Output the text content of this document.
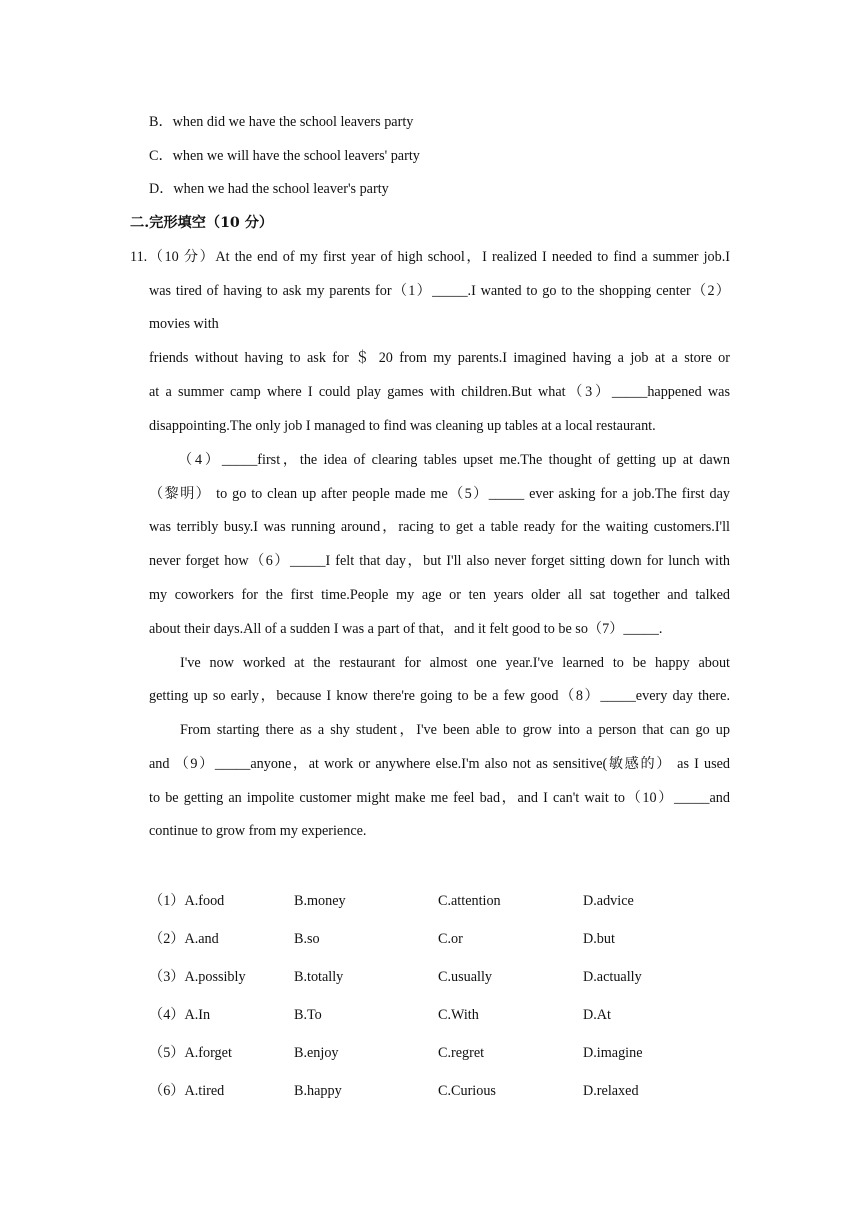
B．when did we have the school leavers party
C．when we will have the school leavers' party
D．when we had the school leaver's party
二.完形填空（10 分）
11.（10 分）At the end of my first year of high school，I realized I needed to find a summer job.I
was tired of having to ask my parents for（1）_____.I wanted to go to the shopping center（2）
movies with
friends without having to ask for ＄ 20 from my parents.I imagined having a job at a store or
at a summer camp where I could play games with children.But what（3）_____happened was
disappointing.The only job I managed to find was cleaning up tables at a local restaurant.
（4）_____first，the idea of clearing tables upset me.The thought of getting up at dawn
（黎明） to go to clean up after people made me（5）_____ ever asking for a job.The first day
was terribly busy.I was running around，racing to get a table ready for the waiting customers.I'll
never forget how（6）_____I felt that day，but I'll also never forget sitting down for lunch with
my coworkers for the first time.People my age or ten years older all sat together and talked
about their days.All of a sudden I was a part of that，and it felt good to be so（7）_____.
I've now worked at the restaurant for almost one year.I've learned to be happy about
getting up so early，because I know there're going to be a few good（8）_____every day there.
From starting there as a shy student，I've been able to grow into a person that can go up
and （9）_____anyone，at work or anywhere else.I'm also not as sensitive(敏感的） as I used
to be getting an impolite customer might make me feel bad，and I can't wait to（10）_____and
continue to grow from my experience.
（1）A.food	B.money	C.attention	D.advice
（2）A.and	B.so	C.or	D.but
（3）A.possibly	B.totally	C.usually	D.actually
（4）A.In	B.To	C.With	D.At
（5）A.forget	B.enjoy	C.regret	D.imagine
（6）A.tired	B.happy	C.Curious	D.relaxed
